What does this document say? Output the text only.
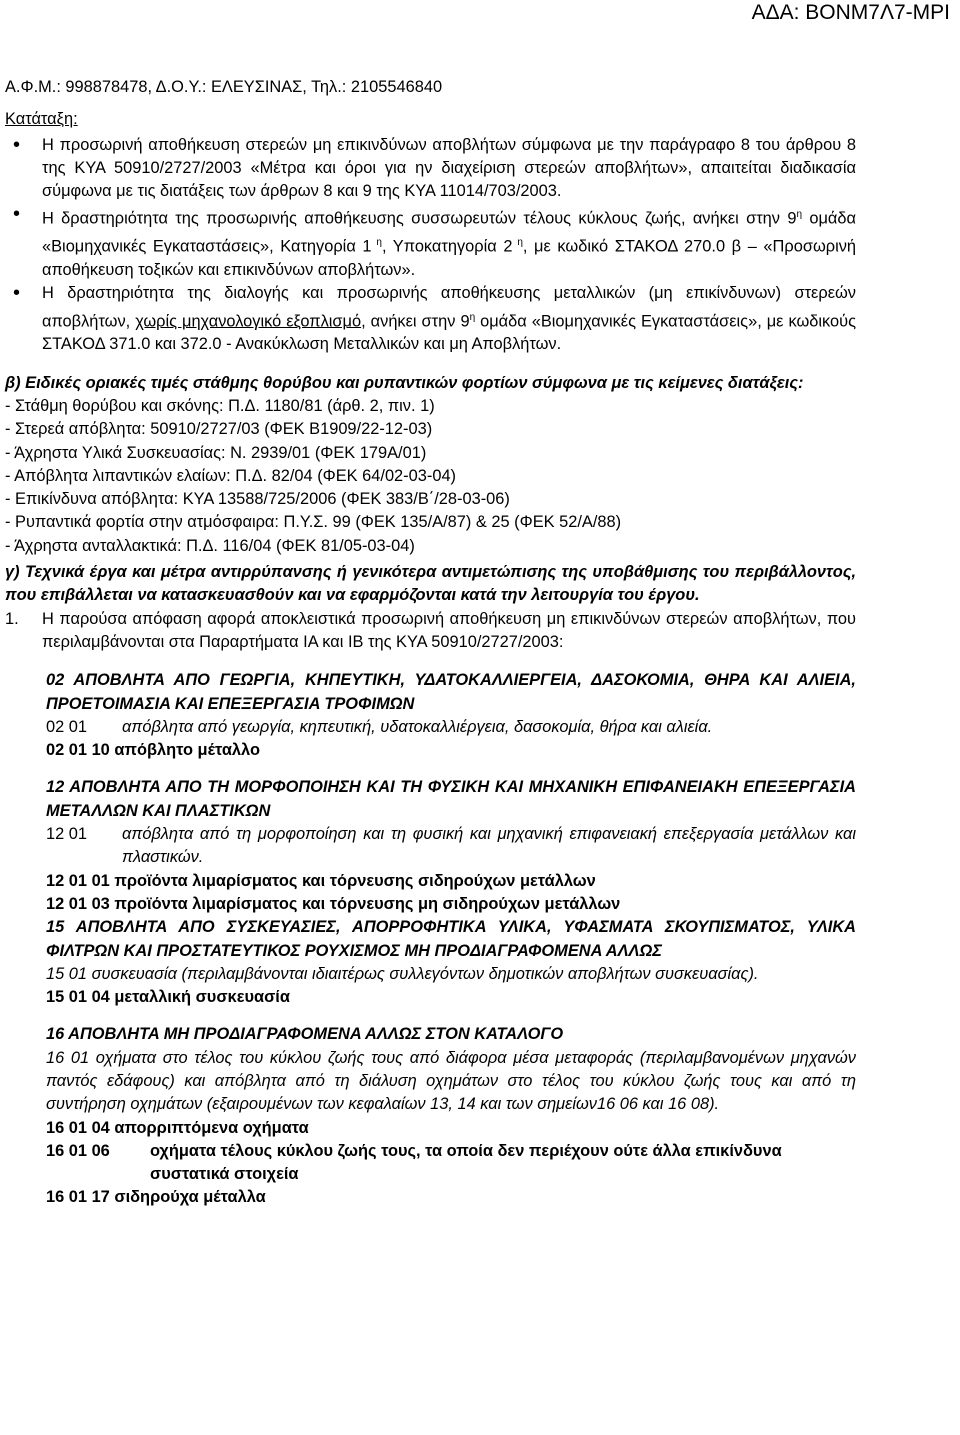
ΑΔΑ: ΒΟΝΜ7Λ7-ΜΡΙ

Α.Φ.Μ.: 998878478, Δ.Ο.Υ.: ΕΛΕΥΣΙΝΑΣ, Τηλ.: 2105546840

Κατάταξη:

• Η προσωρινή αποθήκευση στερεών μη επικινδύνων αποβλήτων σύμφωνα με την παράγραφο 8 του άρθρου 8 της ΚΥΑ 50910/2727/2003 «Μέτρα και όροι για ην διαχείριση στερεών αποβλήτων», απαιτείται διαδικασία σύμφωνα με τις διατάξεις των άρθρων 8 και 9 της ΚΥΑ 11014/703/2003.

• Η δραστηριότητα της προσωρινής αποθήκευσης συσσωρευτών τέλους κύκλους ζωής, ανήκει στην $9^\eta$ ομάδα «Βιομηχανικές Εγκαταστάσεις», Κατηγορία 1 $^\eta$, Υποκατηγορία 2 $^\eta$, με κωδικό ΣΤΑΚΟΔ 270.0 β – «Προσωρινή αποθήκευση τοξικών και επικινδύνων αποβλήτων».

• Η δραστηριότητα της διαλογής και προσωρινής αποθήκευσης μεταλλικών (μη επικίνδυνων) στερεών αποβλήτων, χωρίς μηχανολογικό εξοπλισμό, ανήκει στην $9^\eta$ ομάδα «Βιομηχανικές Εγκαταστάσεις», με κωδικούς ΣΤΑΚΟΔ 371.0 και 372.0 - Ανακύκλωση Μεταλλικών και μη Αποβλήτων.

β) Ειδικές οριακές τιμές στάθμης θορύβου και ρυπαντικών φορτίων σύμφωνα με τις κείμενες διατάξεις:

- Στάθμη θορύβου και σκόνης: Π.Δ. 1180/81 (άρθ. 2, πιν. 1)

- Στερεά απόβλητα: 50910/2727/03 (ΦΕΚ Β1909/22-12-03)

- Άχρηστα Υλικά Συσκευασίας: Ν. 2939/01 (ΦΕΚ 179Α/01)

- Απόβλητα λιπαντικών ελαίων: Π.Δ. 82/04 (ΦΕΚ 64/02-03-04)

- Επικίνδυνα απόβλητα: ΚΥΑ 13588/725/2006 (ΦΕΚ 383/Β΄/28-03-06)

- Ρυπαντικά φορτία στην ατμόσφαιρα: Π.Υ.Σ. 99 (ΦΕΚ 135/Α/87) & 25 (ΦΕΚ 52/Α/88)

- Άχρηστα ανταλλακτικά: Π.Δ. 116/04 (ΦΕΚ 81/05-03-04)

γ) Τεχνικά έργα και μέτρα αντιρρύπανσης ή γενικότερα αντιμετώπισης της υποβάθμισης του περιβάλλοντος, που επιβάλλεται να κατασκευασθούν και να εφαρμόζονται κατά την λειτουργία του έργου.

1. Η παρούσα απόφαση αφορά αποκλειστικά προσωρινή αποθήκευση μη επικινδύνων στερεών αποβλήτων, που περιλαμβάνονται στα Παραρτήματα ΙΑ και ΙΒ της ΚΥΑ 50910/2727/2003:

02 ΑΠΟΒΛΗΤΑ ΑΠΟ ΓΕΩΡΓΙΑ, ΚΗΠΕΥΤΙΚΗ, ΥΔΑΤΟΚΑΛΛΙΕΡΓΕΙΑ, ΔΑΣΟΚΟΜΙΑ, ΘΗΡΑ ΚΑΙ ΑΛΙΕΙΑ, ΠΡΟΕΤΟΙΜΑΣΙΑ ΚΑΙ ΕΠΕΞΕΡΓΑΣΙΑ ΤΡΟΦΙΜΩΝ

02 01	απόβλητα από γεωργία, κηπευτική, υδατοκαλλιέργεια, δασοκομία, θήρα και αλιεία.

02 01 10 απόβλητο μέταλλο

12 ΑΠΟΒΛΗΤΑ ΑΠΟ ΤΗ ΜΟΡΦΟΠΟΙΗΣΗ ΚΑΙ ΤΗ ΦΥΣΙΚΗ ΚΑΙ ΜΗΧΑΝΙΚΗ ΕΠΙΦΑΝΕΙΑΚΗ ΕΠΕΞΕΡΓΑΣΙΑ ΜΕΤΑΛΛΩΝ ΚΑΙ ΠΛΑΣΤΙΚΩΝ

12 01	απόβλητα από τη μορφοποίηση και τη φυσική και μηχανική επιφανειακή επεξεργασία μετάλλων και πλαστικών.

12 01 01 προϊόντα λιμαρίσματος και τόρνευσης σιδηρούχων μετάλλων

12 01 03 προϊόντα λιμαρίσματος και τόρνευσης μη σιδηρούχων μετάλλων

15 ΑΠΟΒΛΗΤΑ ΑΠΟ ΣΥΣΚΕΥΑΣΙΕΣ, ΑΠΟΡΡΟΦΗΤΙΚΑ ΥΛΙΚΑ, ΥΦΑΣΜΑΤΑ ΣΚΟΥΠΙΣΜΑΤΟΣ, ΥΛΙΚΑ ΦΙΛΤΡΩΝ ΚΑΙ ΠΡΟΣΤΑΤΕΥΤΙΚΟΣ ΡΟΥΧΙΣΜΟΣ ΜΗ ΠΡΟΔΙΑΓΡΑΦΟΜΕΝΑ ΑΛΛΩΣ

15 01 συσκευασία (περιλαμβάνονται ιδιαιτέρως συλλεγόντων δημοτικών αποβλήτων συσκευασίας).

15 01 04 μεταλλική συσκευασία

16 ΑΠΟΒΛΗΤΑ ΜΗ ΠΡΟΔΙΑΓΡΑΦΟΜΕΝΑ ΑΛΛΩΣ ΣΤΟΝ ΚΑΤΑΛΟΓΟ

16 01 οχήματα στο τέλος του κύκλου ζωής τους από διάφορα μέσα μεταφοράς (περιλαμβανομένων μηχανών παντός εδάφους) και απόβλητα από τη διάλυση οχημάτων στο τέλος του κύκλου ζωής τους και από τη συντήρηση οχημάτων (εξαιρουμένων των κεφαλαίων 13, 14 και των σημείων16 06 και 16 08).

16 01 04 απορριπτόμενα οχήματα

16 01 06	οχήματα τέλους κύκλου ζωής τους, τα οποία δεν περιέχουν ούτε άλλα επικίνδυνα συστατικά στοιχεία

16 01 17 σιδηρούχα μέταλλα
